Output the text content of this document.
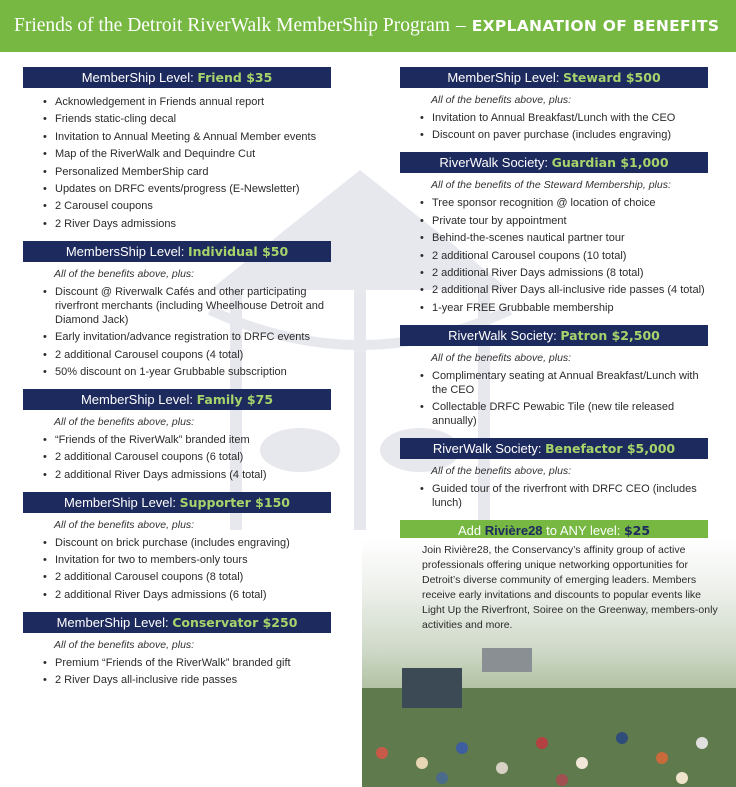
Friends of the Detroit RiverWalk MemberShip Program – EXPLANATION OF BENEFITS
MemberShip Level: Friend $35
• Acknowledgement in Friends annual report
• Friends static-cling decal
• Invitation to Annual Meeting & Annual Member events
• Map of the RiverWalk and Dequindre Cut
• Personalized MemberShip card
• Updates on DRFC events/progress (E-Newsletter)
• 2 Carousel coupons
• 2 River Days admissions
MembersShip Level: Individual $50
All of the benefits above, plus:
• Discount @ Riverwalk Cafés and other participating riverfront merchants (including Wheelhouse Detroit and Diamond Jack)
• Early invitation/advance registration to DRFC events
• 2 additional Carousel coupons (4 total)
• 50% discount on 1-year Grubbable subscription
MemberShip Level: Family $75
All of the benefits above, plus:
• “Friends of the RiverWalk” branded item
• 2 additional Carousel coupons (6 total)
• 2 additional River Days admissions (4 total)
MemberShip Level: Supporter $150
All of the benefits above, plus:
• Discount on brick purchase (includes engraving)
• Invitation for two to members-only tours
• 2 additional Carousel coupons (8 total)
• 2 additional River Days admissions (6 total)
MemberShip Level: Conservator $250
All of the benefits above, plus:
• Premium “Friends of the RiverWalk” branded gift
• 2 River Days all-inclusive ride passes
MemberShip Level: Steward $500
All of the benefits above, plus:
• Invitation to Annual Breakfast/Lunch with the CEO
• Discount on paver purchase (includes engraving)
RiverWalk Society: Guardian $1,000
All of the benefits of the Steward Membership, plus:
• Tree sponsor recognition @ location of choice
• Private tour by appointment
• Behind-the-scenes nautical partner tour
• 2 additional Carousel coupons (10 total)
• 2 additional River Days admissions (8 total)
• 2 additional River Days all-inclusive ride passes (4 total)
• 1-year FREE Grubbable membership
RiverWalk Society: Patron $2,500
All of the benefits above, plus:
• Complimentary seating at Annual Breakfast/Lunch with the CEO
• Collectable DRFC Pewabic Tile (new tile released annually)
RiverWalk Society: Benefactor $5,000
All of the benefits above, plus:
• Guided tour of the riverfront with DRFC CEO (includes lunch)
Add Rivière28 to ANY level: $25
Join Rivière28, the Conservancy’s affinity group of active professionals offering unique networking opportunities for Detroit’s diverse community of emerging leaders. Members receive early invitations and discounts to popular events like Light Up the Riverfront, Soiree on the Greenway, members-only activities and more.
